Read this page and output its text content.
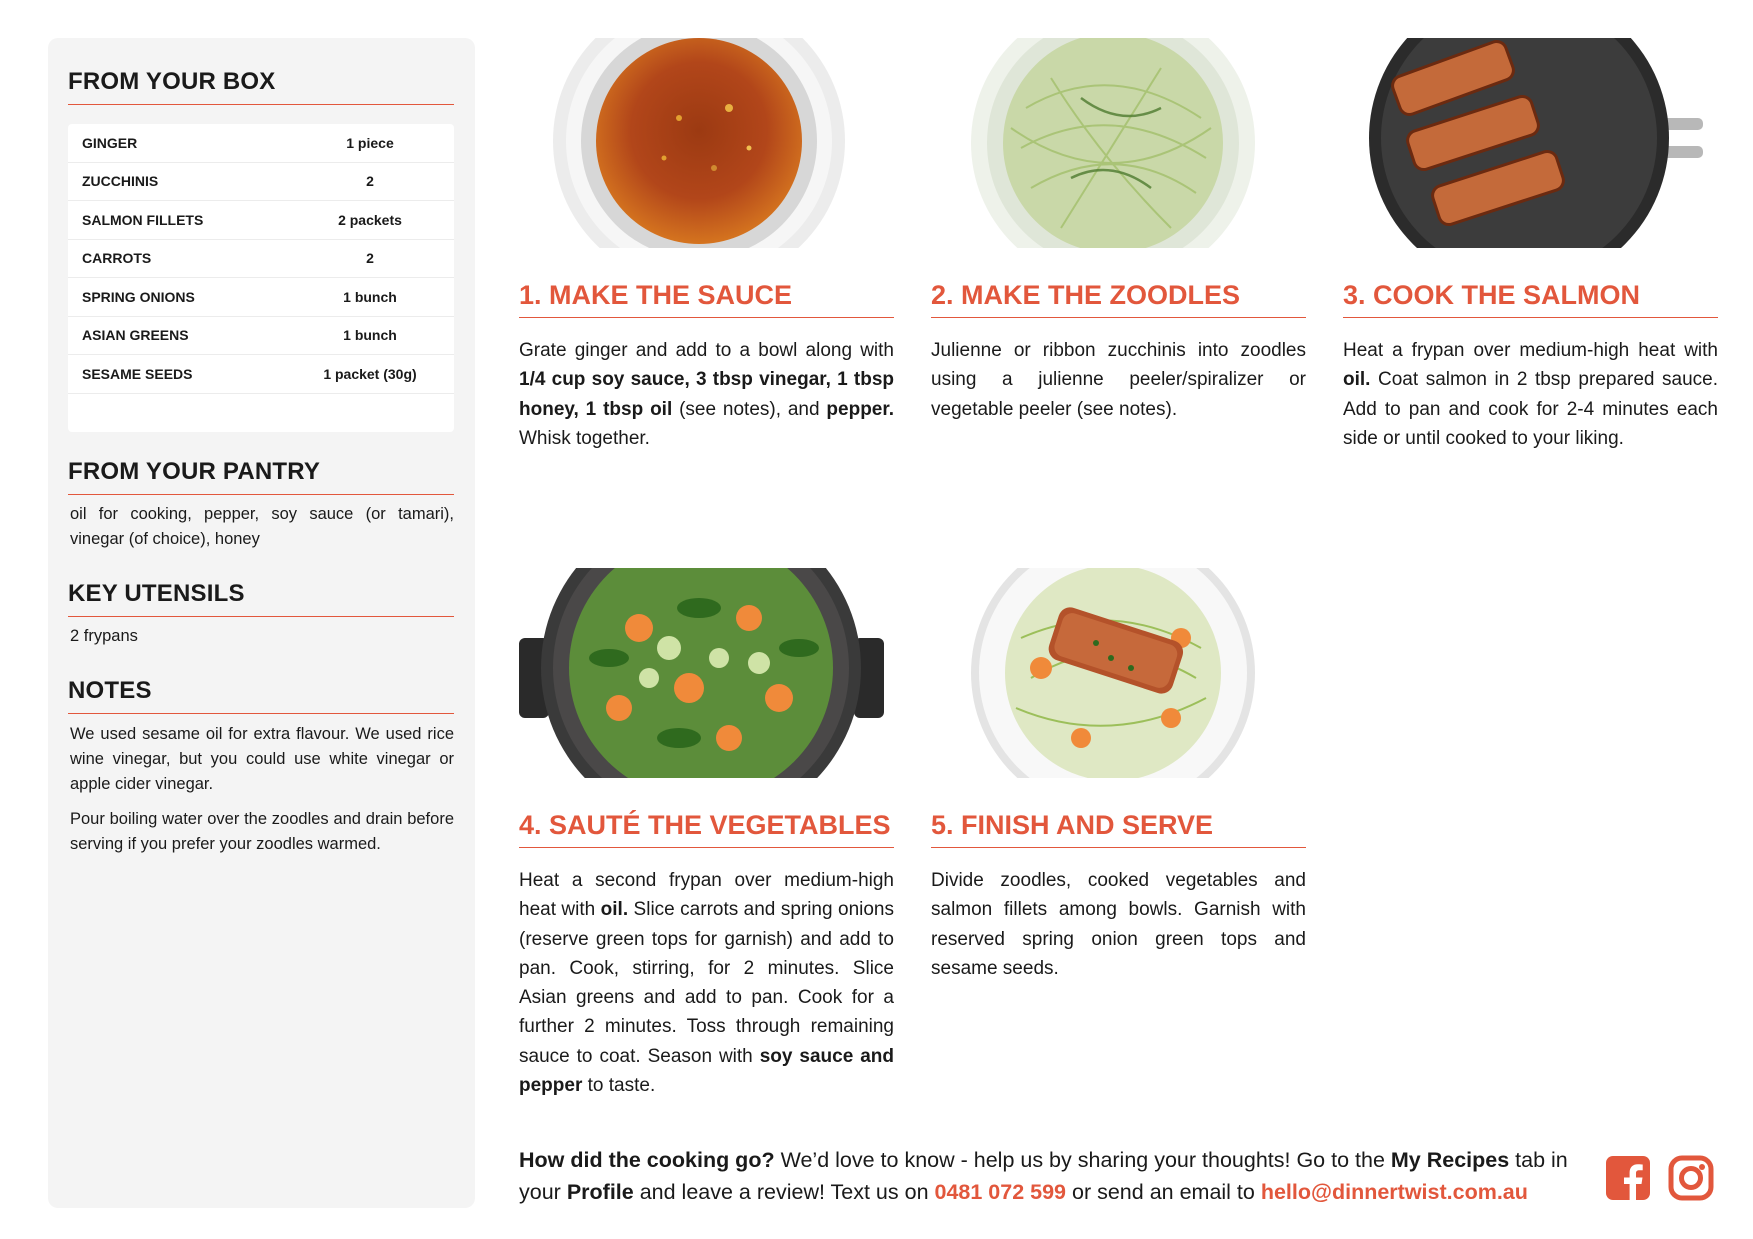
FROM YOUR BOX
GINGER	1 piece
ZUCCHINIS	2
SALMON FILLETS	2 packets
CARROTS	2
SPRING ONIONS	1 bunch
ASIAN GREENS	1 bunch
SESAME SEEDS	1 packet (30g)
FROM YOUR PANTRY
oil for cooking, pepper, soy sauce (or tamari), vinegar (of choice), honey
KEY UTENSILS
2 frypans
NOTES

We used sesame oil for extra flavour. We used rice wine vinegar, but you could use white vinegar or apple cider vinegar.

Pour boiling water over the zoodles and drain before serving if you prefer your zoodles warmed.

1. MAKE THE SAUCE
Grate ginger and add to a bowl along with 1/4 cup soy sauce, 3 tbsp vinegar, 1 tbsp honey, 1 tbsp oil (see notes), and pepper. Whisk together.
2. MAKE THE ZOODLES
Julienne or ribbon zucchinis into zoodles using a julienne peeler/spiralizer or vegetable peeler (see notes).
3. COOK THE SALMON
Heat a frypan over medium-high heat with oil. Coat salmon in 2 tbsp prepared sauce. Add to pan and cook for 2-4 minutes each side or until cooked to your liking.
4. SAUTÉ THE VEGETABLES
Heat a second frypan over medium-high heat with oil. Slice carrots and spring onions (reserve green tops for garnish) and add to pan. Cook, stirring, for 2 minutes. Slice Asian greens and add to pan. Cook for a further 2 minutes. Toss through remaining sauce to coat. Season with soy sauce and pepper to taste.
5. FINISH AND SERVE
Divide zoodles, cooked vegetables and salmon fillets among bowls. Garnish with reserved spring onion green tops and sesame seeds.
How did the cooking go? We’d love to know - help us by sharing your thoughts! Go to the My Recipes tab in your Profile and leave a review! Text us on 0481 072 599 or send an email to hello@dinnertwist.com.au
